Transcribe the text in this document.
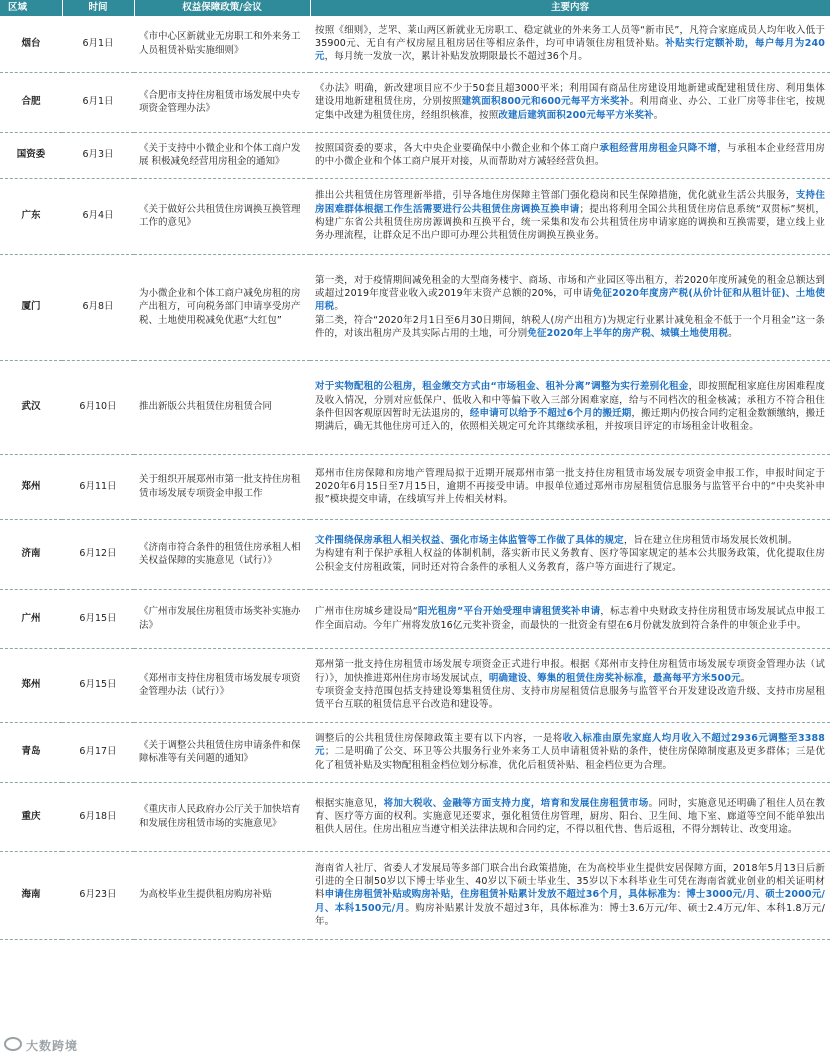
区域	时间	权益保障政策/会议	主要内容
烟台	6月1日	《市中心区新就业无房职工和外来务工人员租赁补贴实施细则》	按照《细则》，芝罘、莱山两区新就业无房职工、稳定就业的外来务工人员等“新市民”，凡符合家庭成员人均年收入低于35900元、无自有产权房屋且租房居住等相应条件，均可申请领住房租赁补贴。补贴实行定额补助，每户每月为240元，每月统一发放一次，累计补贴发放期限最长不超过36个月。
合肥	6月1日	《合肥市支持住房租赁市场发展中央专项资金管理办法》	《办法》明确，新改建项目应不少于50套且超3000平米；利用国有商品住房建设用地新建或配建租赁住房、利用集体建设用地新建租赁住房，分别按照建筑面积800元和600元每平方米奖补。利用商业、办公、工业厂房等非住宅，按规定集中改建为租赁住房，经组织核准，按照改建后建筑面积200元每平方米奖补。
国资委	6月3日	《关于支持中小微企业和个体工商户发展 积极减免经营用房租金的通知》	按照国资委的要求，各大中央企业要确保中小微企业和个体工商户承租经营用房租金只降不增，与承租本企业经营用房的中小微企业和个体工商户展开对接，从而帮助对方减轻经营负担。
广东	6月4日	《关于做好公共租赁住房调换互换管理工作的意见》	推出公共租赁住房管理新举措，引导各地住房保障主管部门强化稳岗和民生保障措施，优化就业生活公共服务，支持住房困难群体根据工作生活需要进行公共租赁住房调换互换申请；提出将利用全国公共租赁住房信息系统“双贯标”契机，构建广东省公共租赁住房房源调换和互换平台，统一采集和发布公共租赁住房申请家庭的调换和互换需要，建立线上业务办理流程，让群众足不出户即可办理公共租赁住房调换互换业务。
厦门	6月8日	为小微企业和个体工商户减免房租的房产出租方，可向税务部门申请享受房产税、土地使用税减免优惠“大红包”	第一类，对于疫情期间减免租金的大型商务楼宇、商场、市场和产业园区等出租方，若2020年度所减免的租金总额达到或超过2019年度营业收入或2019年末资产总额的20%，可申请免征2020年度房产税(从价计征和从租计征)、土地使用税。
第二类，符合“2020年2月1日至6月30日期间，纳税人(房产出租方)为规定行业累计减免租金不低于一个月租金”这一条件的，对该出租房产及其实际占用的土地，可分别免征2020年上半年的房产税、城镇土地使用税。
武汉	6月10日	推出新版公共租赁住房租赁合同	对于实物配租的公租房，租金缴交方式由“市场租金、租补分离”调整为实行差别化租金，即按照配租家庭住房困难程度及收入情况，分别对应低保户、低收入和中等偏下收入三部分困难家庭，给与不同档次的租金核减；承租方不符合租住条件但因客观原因暂时无法退房的，经申请可以给予不超过6个月的搬迁期，搬迁期内仍按合同约定租金数额缴纳，搬迁期满后，确无其他住房可迁入的，依照相关规定可允许其继续承租，并按项目评定的市场租金计收租金。
郑州	6月11日	关于组织开展郑州市第一批支持住房租赁市场发展专项资金申报工作	郑州市住房保障和房地产管理局拟于近期开展郑州市第一批支持住房租赁市场发展专项资金申报工作，申报时间定于2020年6月15日至7月15日，逾期不再接受申请。申报单位通过郑州市房屋租赁信息服务与监管平台中的“中央奖补申报”模块提交申请，在线填写并上传相关材料。
济南	6月12日	《济南市符合条件的租赁住房承租人相关权益保障的实施意见（试行）》	文件围绕保房承租人相关权益、强化市场主体监管等工作做了具体的规定，旨在建立住房租赁市场发展长效机制。
为构建有利于保护承租人权益的体制机制，落实新市民义务教育、医疗等国家规定的基本公共服务政策，优化提取住房公积金支付房租政策，同时还对符合条件的承租人义务教育，落户等方面进行了规定。
广州	6月15日	《广州市发展住房租赁市场奖补实施办法》	广州市住房城乡建设局“阳光租房”平台开始受理申请租赁奖补申请，标志着中央财政支持住房租赁市场发展试点申报工作全面启动。今年广州将发放16亿元奖补资金，而最快的一批资金有望在6月份就发放到符合条件的申领企业手中。
郑州	6月15日	《郑州市支持住房租赁市场发展专项资金管理办法（试行）》	郑州第一批支持住房租赁市场发展专项资金正式进行申报。根据《郑州市支持住房租赁市场发展专项资金管理办法（试行）》，加快推进郑州住房市场发展试点，明确建设、筹集的租赁住房奖补标准，最高每平方米500元。
专项资金支持范围包括支持建设筹集租赁住房、支持市房屋租赁信息服务与监管平台开发建设改造升级、支持市房屋租赁平台互联的租赁信息平台改造和建设等。
青岛	6月17日	《关于调整公共租赁住房申请条件和保障标准等有关问题的通知》	调整后的公共租赁住房保障政策主要有以下内容，一是将收入标准由原先家庭人均月收入不超过2936元调整至3388元；二是明确了公交、环卫等公共服务行业外来务工人员申请租赁补贴的条件，使住房保障制度惠及更多群体；三是优化了租赁补贴及实物配租租金档位划分标准，优化后租赁补贴、租金档位更为合理。
重庆	6月18日	《重庆市人民政府办公厅关于加快培育和发展住房租赁市场的实施意见》	根据实施意见，将加大税收、金融等方面支持力度，培育和发展住房租赁市场。同时，实施意见还明确了租住人员在教育、医疗等方面的权利。实施意见还要求，强化租赁住房管理，厨房、阳台、卫生间、地下室、廊道等空间不能单独出租供人居住。住房出租应当遵守相关法律法规和合同约定，不得以租代售、售后返租，不得分割转让、改变用途。
海南	6月23日	为高校毕业生提供租房购房补贴	海南省人社厅、省委人才发展局等多部门联合出台政策措施，在为高校毕业生提供安居保障方面，2018年5月13日后新引进的全日制50岁以下博士毕业生、40岁以下硕士毕业生、35岁以下本科毕业生可凭在海南省就业创业的相关证明材料申请住房租赁补贴或购房补贴，住房租赁补贴累计发放不超过36个月，具体标准为：博士3000元/月、硕士2000元/月、本科1500元/月。购房补贴累计发放不超过3年，具体标准为：博士3.6万元/年、硕士2.4万元/年、本科1.8万元/年。
大数跨境
